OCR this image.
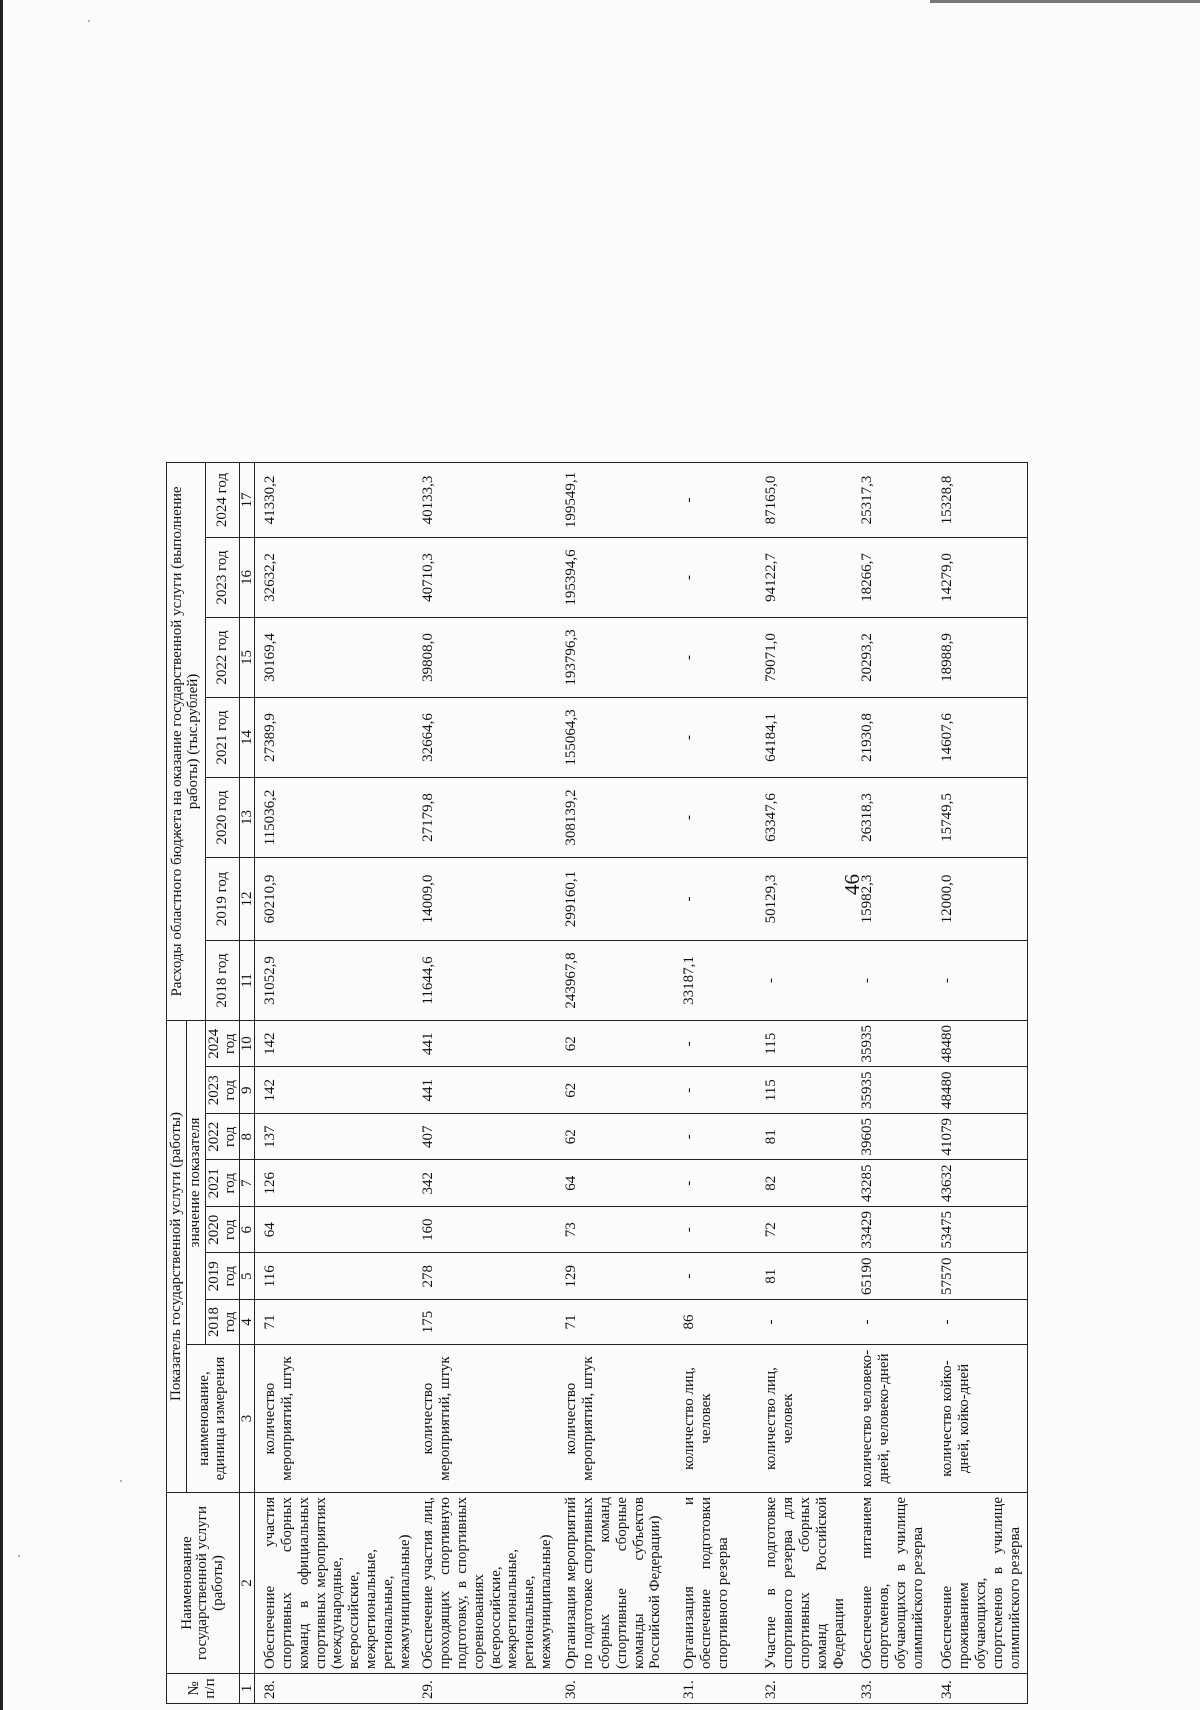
46
№ п/п	Наименование государственной услуги (работы)	Показатель государственной услуги (работы)								Расходы областного бюджета на оказание государственной услуги (выполнение работы) (тыс.рублей)						
		наименование, единица измерения	значение показателя													
			2018 год	2019 год	2020 год	2021 год	2022 год	2023 год	2024 год	2018 год	2019 год	2020 год	2021 год	2022 год	2023 год	2024 год
1	2	3	4	5	6	7	8	9	10	11	12	13	14	15	16	17
28.	Обеспечение участия спортивных сборных команд в официальных спортивных мероприятиях (международные, всероссийские, межрегиональные, региональные, межмуниципальные)	количество мероприятий, штук	71	116	64	126	137	142	142	31052,9	60210,9	115036,2	27389,9	30169,4	32632,2	41330,2
29.	Обеспечение участия лиц, проходящих спортивную подготовку, в спортивных соревнованиях (всероссийские, межрегиональные, региональные, межмуниципальные)	количество мероприятий, штук	175	278	160	342	407	441	441	11644,6	14009,0	27179,8	32664,6	39808,0	40710,3	40133,3
30.	Организация мероприятий по подготовке спортивных сборных команд (спортивные сборные команды субъектов Российской Федерации)	количество мероприятий, штук	71	129	73	64	62	62	62	243967,8	299160,1	308139,2	155064,3	193796,3	195394,6	199549,1
31.	Организация и обеспечение подготовки спортивного резерва	количество лиц, человек	86	-	-	-	-	-	-	33187,1	-	-	-	-	-	-
32.	Участие в подготовке спортивного резерва для спортивных сборных команд Российской Федерации	количество лиц, человек	-	81	72	82	81	115	115	-	50129,3	63347,6	64184,1	79071,0	94122,7	87165,0
33.	Обеспечение питанием спортсменов, обучающихся в училище олимпийского резерва	количество человеко-дней, человеко-дней	-	65190	33429	43285	39605	35935	35935	-	15982,3	26318,3	21930,8	20293,2	18266,7	25317,3
34.	Обеспечение проживанием обучающихся, спортсменов в училище олимпийского резерва	количество койко-дней, койко-дней	-	57570	53475	43632	41079	48480	48480	-	12000,0	15749,5	14607,6	18988,9	14279,0	15328,8
